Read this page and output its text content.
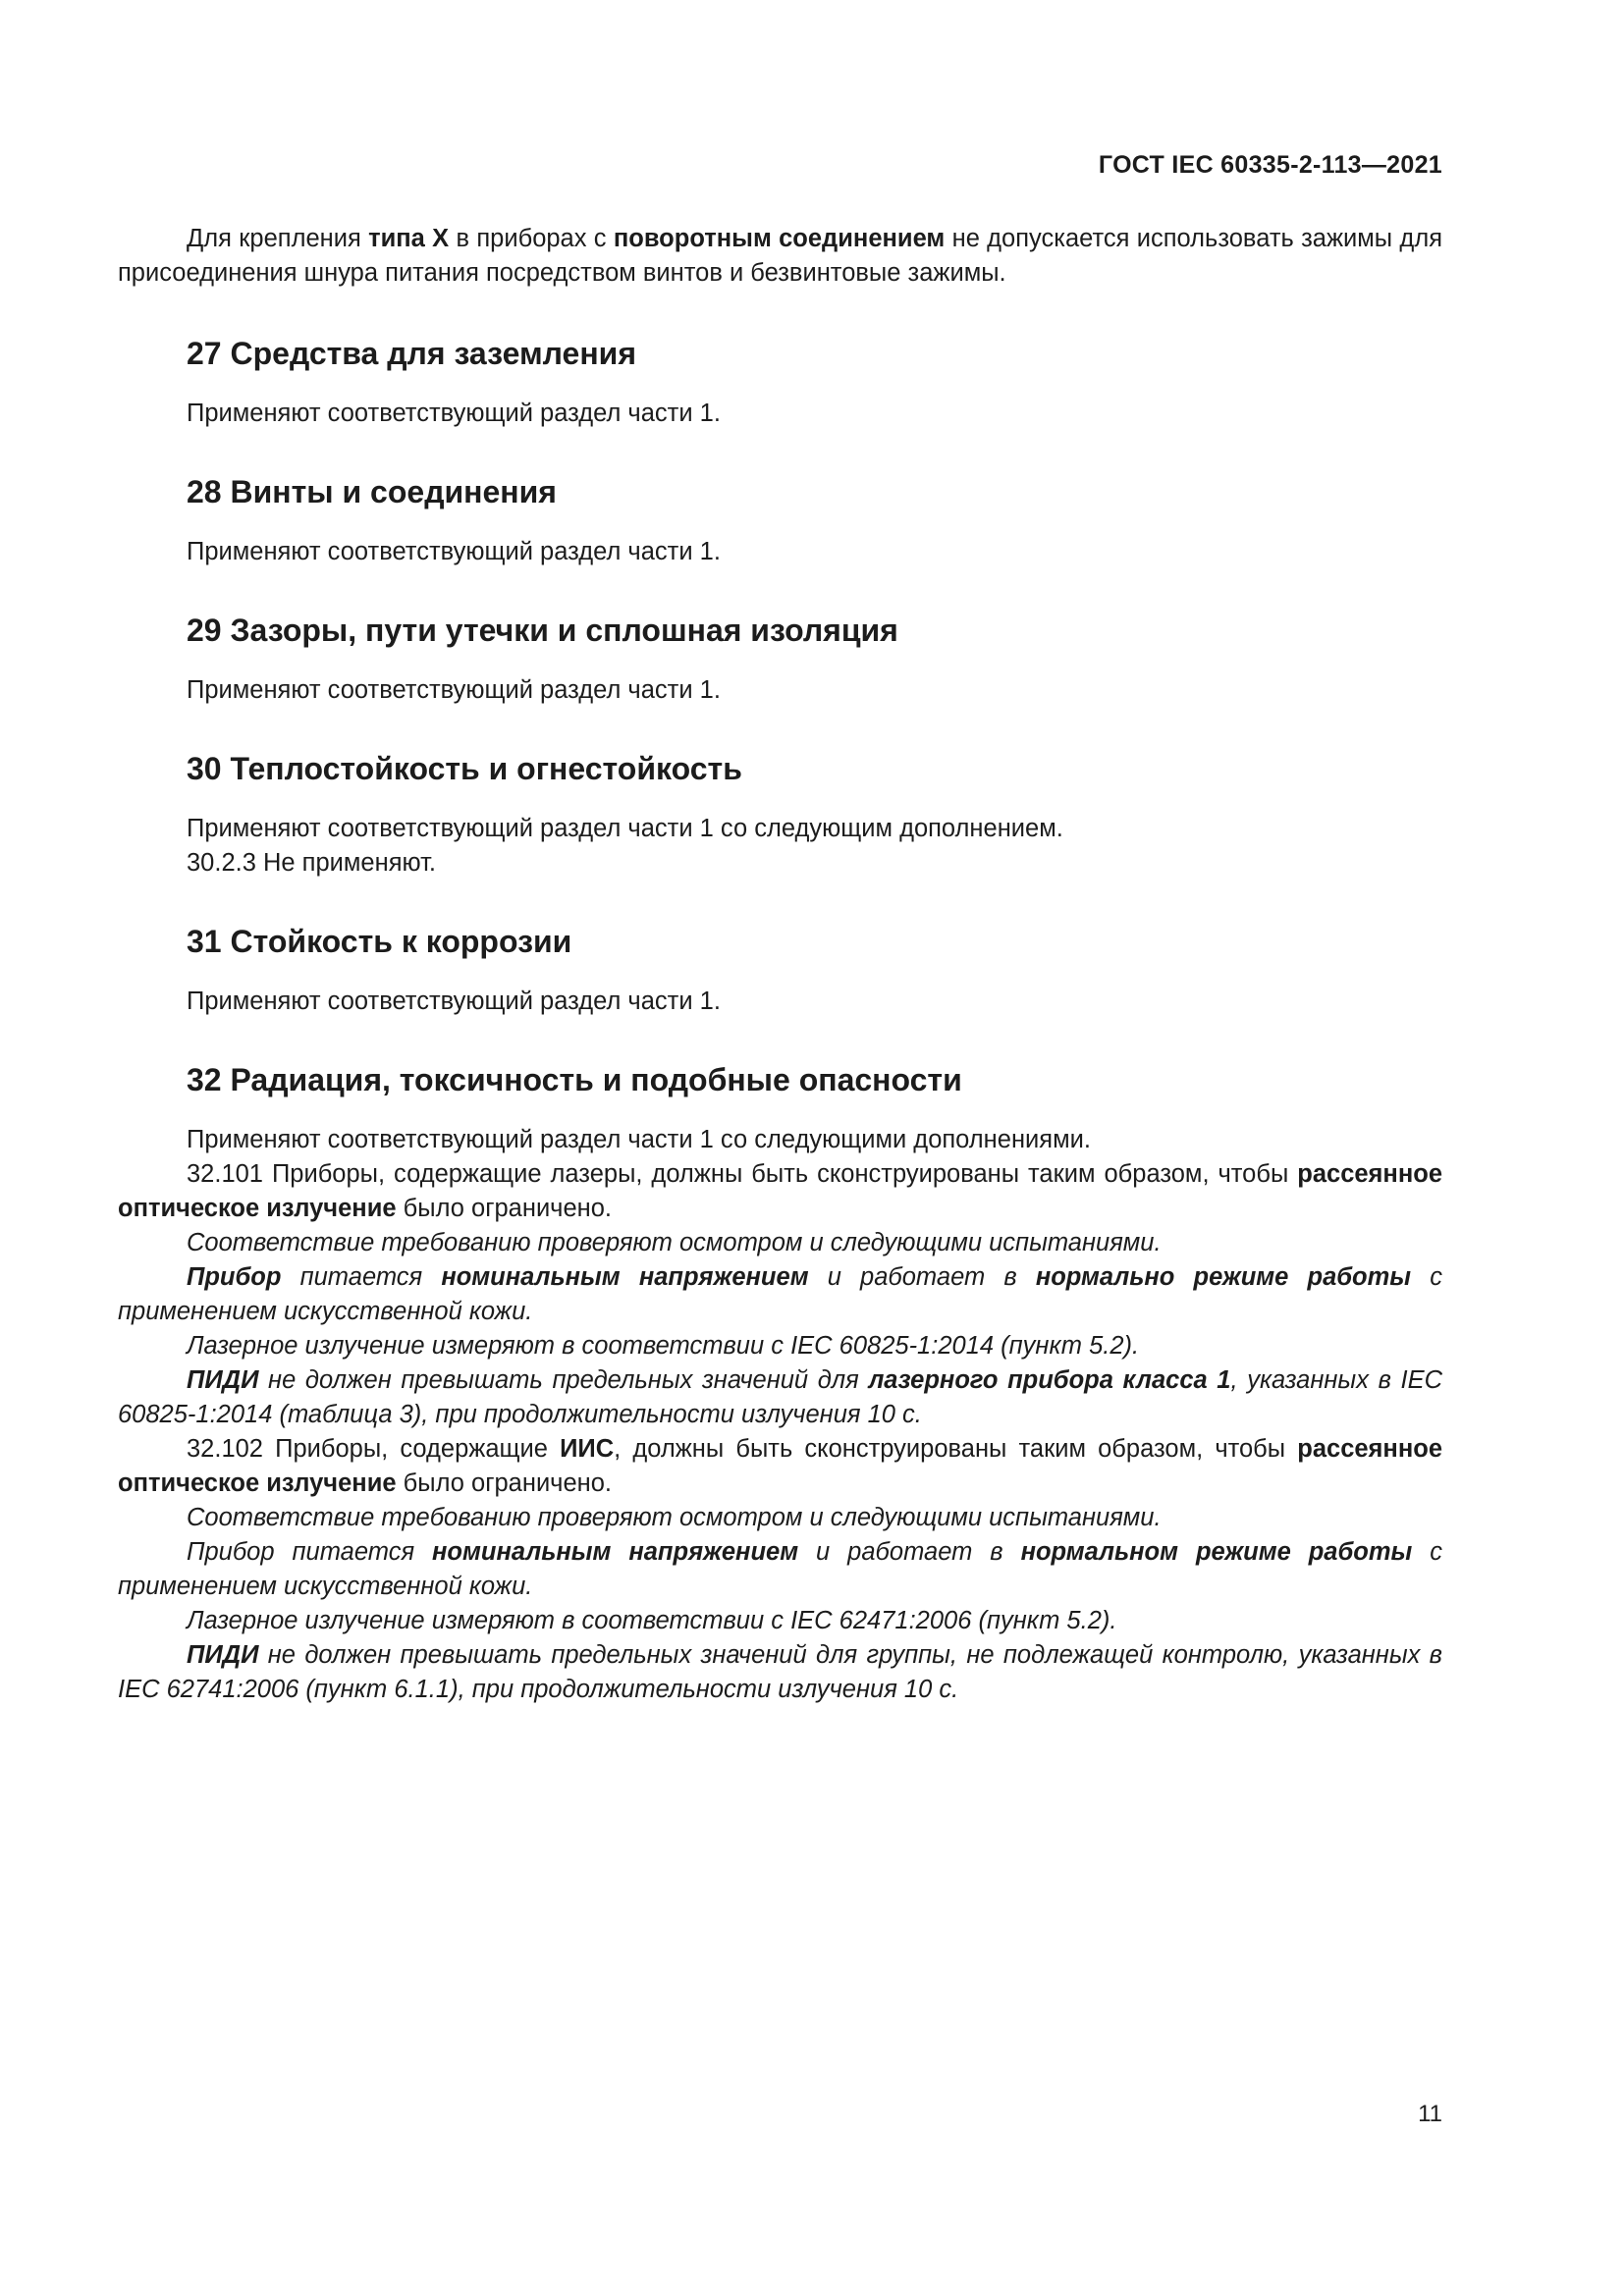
ГОСТ IEC 60335-2-113—2021

Для крепления типа X в приборах с поворотным соединением не допускается использовать зажимы для присоединения шнура питания посредством винтов и безвинтовые зажимы.

27 Средства для заземления

Применяют соответствующий раздел части 1.

28 Винты и соединения

Применяют соответствующий раздел части 1.

29 Зазоры, пути утечки и сплошная изоляция

Применяют соответствующий раздел части 1.

30 Теплостойкость и огнестойкость

Применяют соответствующий раздел части 1 со следующим дополнением.

30.2.3 Не применяют.

31 Стойкость к коррозии

Применяют соответствующий раздел части 1.

32 Радиация, токсичность и подобные опасности

Применяют соответствующий раздел части 1 со следующими дополнениями.

32.101 Приборы, содержащие лазеры, должны быть сконструированы таким образом, чтобы рассеянное оптическое излучение было ограничено.

Соответствие требованию проверяют осмотром и следующими испытаниями.

Прибор питается номинальным напряжением и работает в нормально режиме работы с применением искусственной кожи.

Лазерное излучение измеряют в соответствии с IEC 60825-1:2014 (пункт 5.2).

ПИДИ не должен превышать предельных значений для лазерного прибора класса 1, указанных в IEC 60825-1:2014 (таблица 3), при продолжительности излучения 10 с.

32.102 Приборы, содержащие ИИС, должны быть сконструированы таким образом, чтобы рассеянное оптическое излучение было ограничено.

Соответствие требованию проверяют осмотром и следующими испытаниями.

Прибор питается номинальным напряжением и работает в нормальном режиме работы с применением искусственной кожи.

Лазерное излучение измеряют в соответствии с IEC 62471:2006 (пункт 5.2).

ПИДИ не должен превышать предельных значений для группы, не подлежащей контролю, указанных в IEC 62741:2006 (пункт 6.1.1), при продолжительности излучения 10 с.

11
